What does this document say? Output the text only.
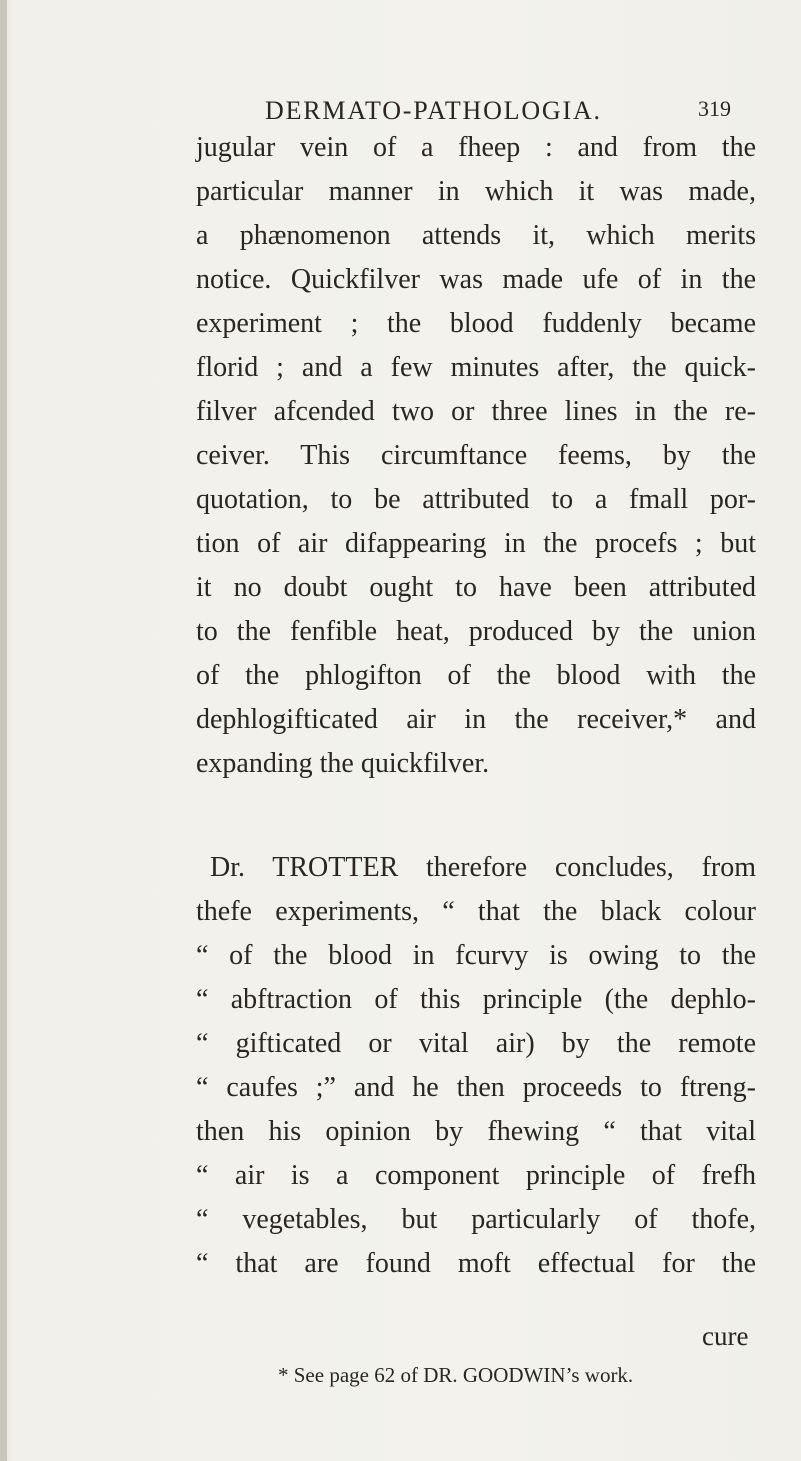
DERMATO-PATHOLOGIA.	319
jugular vein of a fheep : and from the
particular manner in which it was made,
a phænomenon attends it, which merits
notice. Quickfilver was made ufe of in the
experiment ; the blood fuddenly became
florid ; and a few minutes after, the quick-
filver afcended two or three lines in the re-
ceiver. This circumftance feems, by the
quotation, to be attributed to a fmall por-
tion of air difappearing in the procefs ; but
it no doubt ought to have been attributed
to the fenfible heat, produced by the union
of the phlogifton of the blood with the
dephlogifticated air in the receiver,* and
expanding the quickfilver.
Dr. TROTTER therefore concludes, from
thefe experiments, “ that the black colour
“ of the blood in fcurvy is owing to the
“ abftraction of this principle (the dephlo-
“ gifticated or vital air) by the remote
“ caufes ;” and he then proceeds to ftreng-
then his opinion by fhewing “ that vital
“ air is a component principle of frefh
“ vegetables, but particularly of thofe,
“ that are found moft effectual for the
cure
* See page 62 of DR. GOODWIN’s work.
